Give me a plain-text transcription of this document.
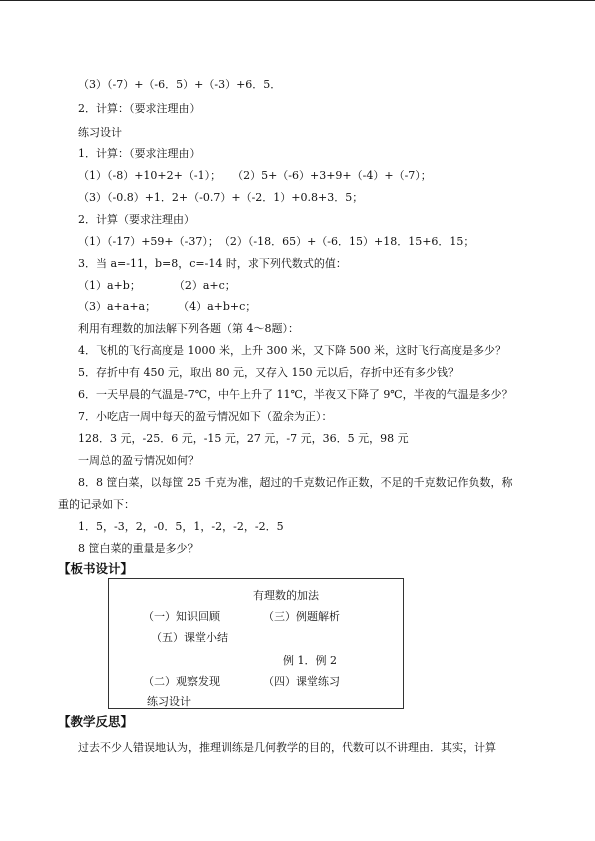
（3）（-7）+（-6．5）+（-3）+6．5．
2．计算：（要求注理由）
练习设计
1．计算：（要求注理由）
（1）（-8）+10+2+（-1）；　　（2）5+（-6）+3+9+（-4）+（-7）；
（3）（-0.8）+1．2+（-0.7）+（-2．1）+0.8+3．5；
2．计算（要求注理由）
（1）（-17）+59+（-37）；　（2）（-18．65）+（-6．15）+18．15+6．15；
3．当 a=-11，b=8，c=-14 时，求下列代数式的值：
（1）a+b；　　　　（2）a+c；
（3）a+a+a；　　　（4）a+b+c；
利用有理数的加法解下列各题（第 4～8题）：
4．飞机的飞行高度是 1000 米，上升 300 米，又下降 500 米，这时飞行高度是多少？
5．存折中有 450 元，取出 80 元，又存入 150 元以后，存折中还有多少钱？
6．一天早晨的气温是-7℃，中午上升了 11℃，半夜又下降了 9℃，半夜的气温是多少？
7．小吃店一周中每天的盈亏情况如下（盈余为正）：
128．3 元，-25．6 元，-15 元，27 元，-7 元，36．5 元，98 元
一周总的盈亏情况如何？
8．8 筐白菜，以每筐 25 千克为准，超过的千克数记作正数，不足的千克数记作负数，称
重的记录如下：
1．5，-3，2，-0．5，1，-2，-2，-2．5
8 筐白菜的重量是多少？
【板书设计】
有理数的加法
（一）知识回顾	（三）例题解析
（五）课堂小结
例 1．例 2
（二）观察发现	（四）课堂练习
练习设计
【教学反思】
过去不少人错误地认为，推理训练是几何教学的目的，代数可以不讲理由．其实，计算
